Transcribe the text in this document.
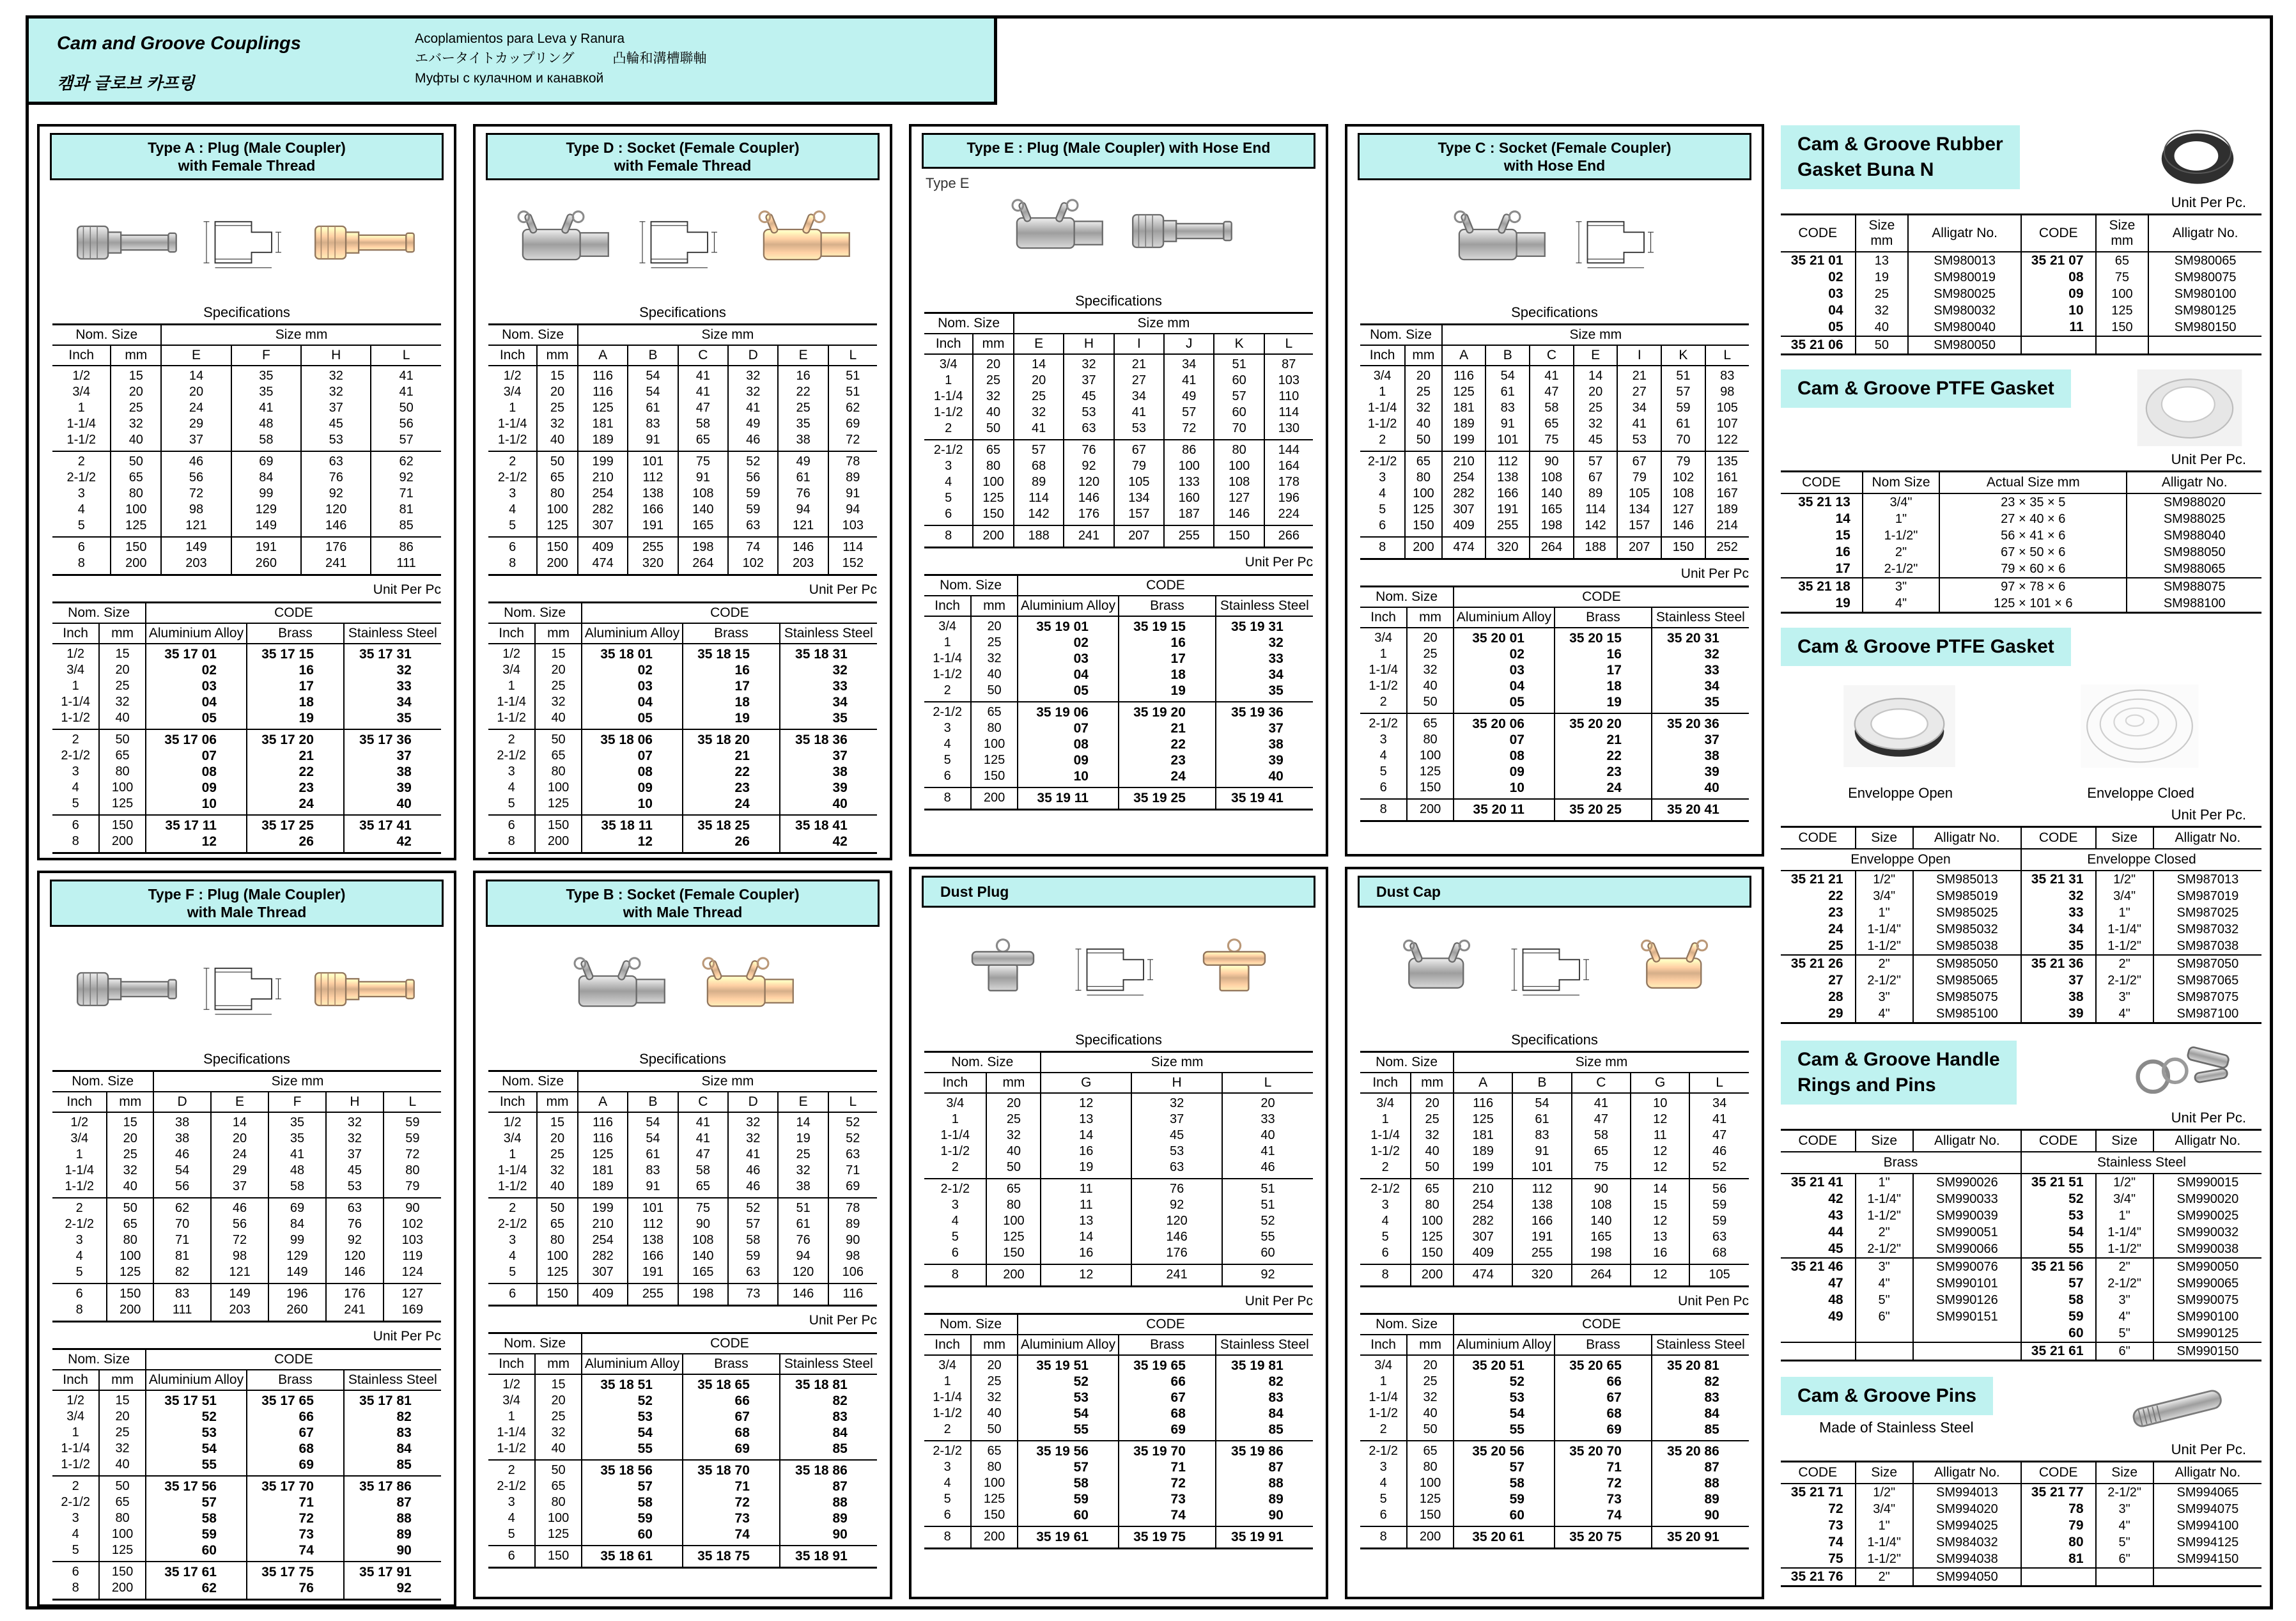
Cam and Groove Couplings
캠과 글로브 카프링
Acoplamientos para Leva y Ranura
エバータイトカップリング	凸輪和溝槽聯軸
Муфты с кулачном и канавкой
Type A : Plug (Male Coupler)
with Female Thread
Specifications
Nom. Size		Size mm			
Inch	mm	E	F	H	L
1/2	15	14	35	32	41
3/4	20	20	35	32	41
1	25	24	41	37	50
1-1/4	32	29	48	45	56
1-1/2	40	37	58	53	57
2	50	46	69	63	62
2-1/2	65	56	84	76	92
3	80	72	99	92	71
4	100	98	129	120	81
5	125	121	149	146	85
6	150	149	191	176	86
8	200	203	260	241	111
Unit Per Pc
Nom. Size		CODE		
Inch	mm	Aluminium Alloy	Brass	Stainless Steel
1/2	15	35 17 01	35 17 15	35 17 31
3/4	20	02	16	32
1	25	03	17	33
1-1/4	32	04	18	34
1-1/2	40	05	19	35
2	50	35 17 06	35 17 20	35 17 36
2-1/2	65	07	21	37
3	80	08	22	38
4	100	09	23	39
5	125	10	24	40
6	150	35 17 11	35 17 25	35 17 41
8	200	12	26	42
Type F : Plug (Male Coupler)
with Male Thread
Specifications
Nom. Size		Size mm				
Inch	mm	D	E	F	H	L
1/2	15	38	14	35	32	59
3/4	20	38	20	35	32	59
1	25	46	24	41	37	72
1-1/4	32	54	29	48	45	80
1-1/2	40	56	37	58	53	79
2	50	62	46	69	63	90
2-1/2	65	70	56	84	76	102
3	80	71	72	99	92	103
4	100	81	98	129	120	119
5	125	82	121	149	146	124
6	150	83	149	196	176	127
8	200	111	203	260	241	169
Unit Per Pc
Nom. Size		CODE		
Inch	mm	Aluminium Alloy	Brass	Stainless Steel
1/2	15	35 17 51	35 17 65	35 17 81
3/4	20	52	66	82
1	25	53	67	83
1-1/4	32	54	68	84
1-1/2	40	55	69	85
2	50	35 17 56	35 17 70	35 17 86
2-1/2	65	57	71	87
3	80	58	72	88
4	100	59	73	89
5	125	60	74	90
6	150	35 17 61	35 17 75	35 17 91
8	200	62	76	92
Type D : Socket (Female Coupler)
with Female Thread
Specifications
Nom. Size		Size mm					
Inch	mm	A	B	C	D	E	L
1/2	15	116	54	41	32	16	51
3/4	20	116	54	41	32	22	51
1	25	125	61	47	41	25	62
1-1/4	32	181	83	58	49	35	69
1-1/2	40	189	91	65	46	38	72
2	50	199	101	75	52	49	78
2-1/2	65	210	112	91	56	61	89
3	80	254	138	108	59	76	91
4	100	282	166	140	59	94	94
5	125	307	191	165	63	121	103
6	150	409	255	198	74	146	114
8	200	474	320	264	102	203	152
Unit Per Pc
Nom. Size		CODE		
Inch	mm	Aluminium Alloy	Brass	Stainless Steel
1/2	15	35 18 01	35 18 15	35 18 31
3/4	20	02	16	32
1	25	03	17	33
1-1/4	32	04	18	34
1-1/2	40	05	19	35
2	50	35 18 06	35 18 20	35 18 36
2-1/2	65	07	21	37
3	80	08	22	38
4	100	09	23	39
5	125	10	24	40
6	150	35 18 11	35 18 25	35 18 41
8	200	12	26	42
Type B : Socket (Female Coupler)
with Male Thread
Specifications
Nom. Size		Size mm					
Inch	mm	A	B	C	D	E	L
1/2	15	116	54	41	32	14	52
3/4	20	116	54	41	32	19	52
1	25	125	61	47	41	25	63
1-1/4	32	181	83	58	46	32	71
1-1/2	40	189	91	65	46	38	69
2	50	199	101	75	52	51	78
2-1/2	65	210	112	90	57	61	89
3	80	254	138	108	58	76	90
4	100	282	166	140	59	94	98
5	125	307	191	165	63	120	106
6	150	409	255	198	73	146	116
Unit Per Pc
Nom. Size		CODE		
Inch	mm	Aluminium Alloy	Brass	Stainless Steel
1/2	15	35 18 51	35 18 65	35 18 81
3/4	20	52	66	82
1	25	53	67	83
1-1/4	32	54	68	84
1-1/2	40	55	69	85
2	50	35 18 56	35 18 70	35 18 86
2-1/2	65	57	71	87
3	80	58	72	88
4	100	59	73	89
5	125	60	74	90
6	150	35 18 61	35 18 75	35 18 91
Type E : Plug (Male Coupler) with Hose End
Type E
Specifications
Nom. Size		Size mm					
Inch	mm	E	H	I	J	K	L
3/4	20	14	32	21	34	51	87
1	25	20	37	27	41	60	103
1-1/4	32	25	45	34	49	57	110
1-1/2	40	32	53	41	57	60	114
2	50	41	63	53	72	70	130
2-1/2	65	57	76	67	86	80	144
3	80	68	92	79	100	100	164
4	100	89	120	105	133	108	178
5	125	114	146	134	160	127	196
6	150	142	176	157	187	146	224
8	200	188	241	207	255	150	266
Unit Per Pc
Nom. Size		CODE		
Inch	mm	Aluminium Alloy	Brass	Stainless Steel
3/4	20	35 19 01	35 19 15	35 19 31
1	25	02	16	32
1-1/4	32	03	17	33
1-1/2	40	04	18	34
2	50	05	19	35
2-1/2	65	35 19 06	35 19 20	35 19 36
3	80	07	21	37
4	100	08	22	38
5	125	09	23	39
6	150	10	24	40
8	200	35 19 11	35 19 25	35 19 41
Dust Plug
Specifications
Nom. Size		Size mm		
Inch	mm	G	H	L
3/4	20	12	32	20
1	25	13	37	33
1-1/4	32	14	45	40
1-1/2	40	16	53	41
2	50	19	63	46
2-1/2	65	11	76	51
3	80	11	92	51
4	100	13	120	52
5	125	14	146	55
6	150	16	176	60
8	200	12	241	92
Unit Per Pc
Nom. Size		CODE		
Inch	mm	Aluminium Alloy	Brass	Stainless Steel
3/4	20	35 19 51	35 19 65	35 19 81
1	25	52	66	82
1-1/4	32	53	67	83
1-1/2	40	54	68	84
2	50	55	69	85
2-1/2	65	35 19 56	35 19 70	35 19 86
3	80	57	71	87
4	100	58	72	88
5	125	59	73	89
6	150	60	74	90
8	200	35 19 61	35 19 75	35 19 91
Type C : Socket (Female Coupler)
with Hose End
Specifications
Nom. Size		Size mm						
Inch	mm	A	B	C	E	I	K	L
3/4	20	116	54	41	14	21	51	83
1	25	125	61	47	20	27	57	98
1-1/4	32	181	83	58	25	34	59	105
1-1/2	40	189	91	65	32	41	61	107
2	50	199	101	75	45	53	70	122
2-1/2	65	210	112	90	57	67	79	135
3	80	254	138	108	67	79	102	161
4	100	282	166	140	89	105	108	167
5	125	307	191	165	114	134	127	189
6	150	409	255	198	142	157	146	214
8	200	474	320	264	188	207	150	252
Unit Per Pc
Nom. Size		CODE		
Inch	mm	Aluminium Alloy	Brass	Stainless Steel
3/4	20	35 20 01	35 20 15	35 20 31
1	25	02	16	32
1-1/4	32	03	17	33
1-1/2	40	04	18	34
2	50	05	19	35
2-1/2	65	35 20 06	35 20 20	35 20 36
3	80	07	21	37
4	100	08	22	38
5	125	09	23	39
6	150	10	24	40
8	200	35 20 11	35 20 25	35 20 41
Dust Cap
Specifications
Nom. Size		Size mm				
Inch	mm	A	B	C	G	L
3/4	20	116	54	41	10	34
1	25	125	61	47	12	41
1-1/4	32	181	83	58	11	47
1-1/2	40	189	91	65	12	46
2	50	199	101	75	12	52
2-1/2	65	210	112	90	14	56
3	80	254	138	108	15	59
4	100	282	166	140	12	59
5	125	307	191	165	13	63
6	150	409	255	198	16	68
8	200	474	320	264	12	105
Unit Pen Pc
Nom. Size		CODE		
Inch	mm	Aluminium Alloy	Brass	Stainless Steel
3/4	20	35 20 51	35 20 65	35 20 81
1	25	52	66	82
1-1/4	32	53	67	83
1-1/2	40	54	68	84
2	50	55	69	85
2-1/2	65	35 20 56	35 20 70	35 20 86
3	80	57	71	87
4	100	58	72	88
5	125	59	73	89
6	150	60	74	90
8	200	35 20 61	35 20 75	35 20 91
Cam & Groove Rubber
Gasket Buna N
Unit Per Pc.
CODE	Size mm	Alligatr No.	CODE	Size mm	Alligatr No.
35 21 01	13	SM980013	35 21 07	65	SM980065
02	19	SM980019	08	75	SM980075
03	25	SM980025	09	100	SM980100
04	32	SM980032	10	125	SM980125
05	40	SM980040	11	150	SM980150
35 21 06	50	SM980050			
Cam & Groove PTFE Gasket
Unit Per Pc.
CODE	Nom Size	Actual Size mm	Alligatr No.
35 21 13	3/4"	23 × 35 × 5	SM988020
14	1"	27 × 40 × 6	SM988025
15	1-1/2"	56 × 41 × 6	SM988040
16	2"	67 × 50 × 6	SM988050
17	2-1/2"	79 × 60 × 6	SM988065
35 21 18	3"	97 × 78 × 6	SM988075
19	4"	125 × 101 × 6	SM988100
Cam & Groove PTFE Gasket
Enveloppe Open	Enveloppe Cloed
Unit Per Pc.
CODE	Size	Alligatr No.	CODE	Size	Alligatr No.
Enveloppe Open			Enveloppe Closed		
35 21 21	1/2"	SM985013	35 21 31	1/2"	SM987013
22	3/4"	SM985019	32	3/4"	SM987019
23	1"	SM985025	33	1"	SM987025
24	1-1/4"	SM985032	34	1-1/4"	SM987032
25	1-1/2"	SM985038	35	1-1/2"	SM987038
35 21 26	2"	SM985050	35 21 36	2"	SM987050
27	2-1/2"	SM985065	37	2-1/2"	SM987065
28	3"	SM985075	38	3"	SM987075
29	4"	SM985100	39	4"	SM987100
Cam & Groove Handle
Rings and Pins
Unit Per Pc.
CODE	Size	Alligatr No.	CODE	Size	Alligatr No.
Brass			Stainless Steel		
35 21 41	1"	SM990026	35 21 51	1/2"	SM990015
42	1-1/4"	SM990033	52	3/4"	SM990020
43	1-1/2"	SM990039	53	1"	SM990025
44	2"	SM990051	54	1-1/4"	SM990032
45	2-1/2"	SM990066	55	1-1/2"	SM990038
35 21 46	3"	SM990076	35 21 56	2"	SM990050
47	4"	SM990101	57	2-1/2"	SM990065
48	5"	SM990126	58	3"	SM990075
49	6"	SM990151	59	4"	SM990100
			60	5"	SM990125
			35 21 61	6"	SM990150
Cam & Groove Pins
Made of Stainless Steel
Unit Per Pc.
CODE	Size	Alligatr No.	CODE	Size	Alligatr No.
35 21 71	1/2"	SM994013	35 21 77	2-1/2"	SM994065
72	3/4"	SM994020	78	3"	SM994075
73	1"	SM994025	79	4"	SM994100
74	1-1/4"	SM984032	80	5"	SM994125
75	1-1/2"	SM994038	81	6"	SM994150
35 21 76	2"	SM994050			
